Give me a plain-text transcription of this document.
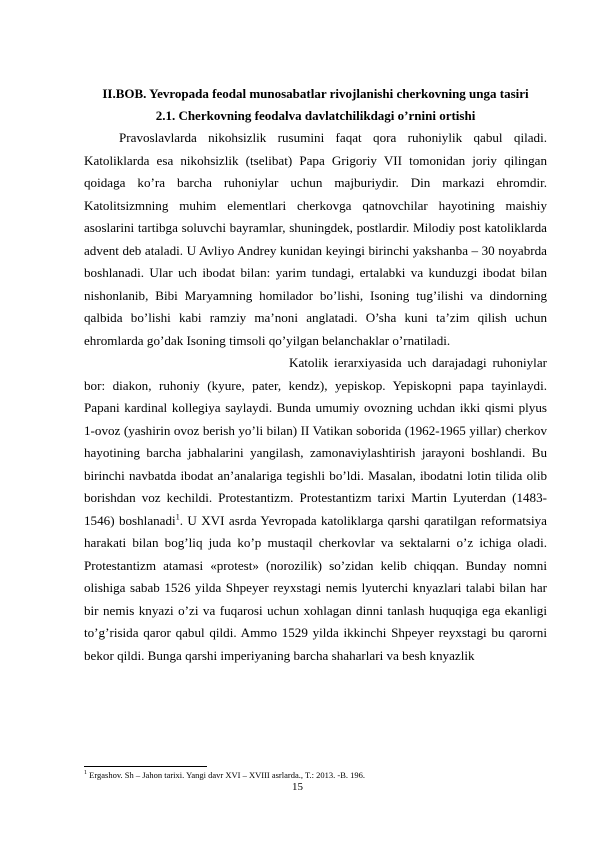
II.BOB. Yevropada feodal munosabatlar rivojlanishi cherkovning unga tasiri
2.1. Cherkovning feodalva davlatchilikdagi o’rnini ortishi

Pravoslavlarda nikohsizlik rusumini faqat qora ruhoniylik qabul qiladi. Katoliklarda esa nikohsizlik (tselibat) Papa Grigoriy VII tomonidan joriy qilingan qoidaga ko’ra barcha ruhoniylar uchun majburiydir. Din markazi ehromdir. Katolitsizmning muhim elementlari cherkovga qatnovchilar hayotining maishiy asoslarini tartibga soluvchi bayramlar, shuningdek, postlardir. Milodiy post katoliklarda advent deb ataladi. U Avliyo Andrey kunidan keyingi birinchi yakshanba – 30 noyabrda boshlanadi. Ular uch ibodat bilan: yarim tundagi, ertalabki va kunduzgi ibodat bilan nishonlanib, Bibi Maryamning homilador bo’lishi, Isoning tug’ilishi va dindorning qalbida bo’lishi kabi ramziy ma’noni anglatadi. O’sha kuni ta’zim qilish uchun ehromlarda go’dak Isoning timsoli qo’yilgan belanchaklar o’rnatiladi.

Katolik ierarxiyasida uch darajadagi ruhoniylar bor: diakon, ruhoniy (kyure, pater, kendz), yepiskop. Yepiskopni papa tayinlaydi. Papani kardinal kollegiya saylaydi. Bunda umumiy ovozning uchdan ikki qismi plyus 1-ovoz (yashirin ovoz berish yo’li bilan) II Vatikan soborida (1962-1965 yillar) cherkov hayotining barcha jabhalarini yangilash, zamonaviylashtirish jarayoni boshlandi. Bu birinchi navbatda ibodat an’analariga tegishli bo’ldi. Masalan, ibodatni lotin tilida olib borishdan voz kechildi. Protestantizm. Protestantizm tarixi Martin Lyuterdan (1483-1546) boshlanadi$^1$. U XVI asrda Yevropada katoliklarga qarshi qaratilgan reformatsiya harakati bilan bog’liq juda ko’p mustaqil cherkovlar va sektalarni o’z ichiga oladi. Protestantizm atamasi «protest» (norozilik) so’zidan kelib chiqqan. Bunday nomni olishiga sabab 1526 yilda Shpeyer reyxstagi nemis lyuterchi knyazlari talabi bilan har bir nemis knyazi o’zi va fuqarosi uchun xohlagan dinni tanlash huquqiga ega ekanligi to’g’risida qaror qabul qildi. Ammo 1529 yilda ikkinchi Shpeyer reyxstagi bu qarorni bekor qildi. Bunga qarshi imperiyaning barcha shaharlari va besh knyazlik

$^1$ Ergashov. Sh – Jahon tarixi. Yangi davr XVI – XVIII asrlarda., T.: 2013. -B. 196.
15
